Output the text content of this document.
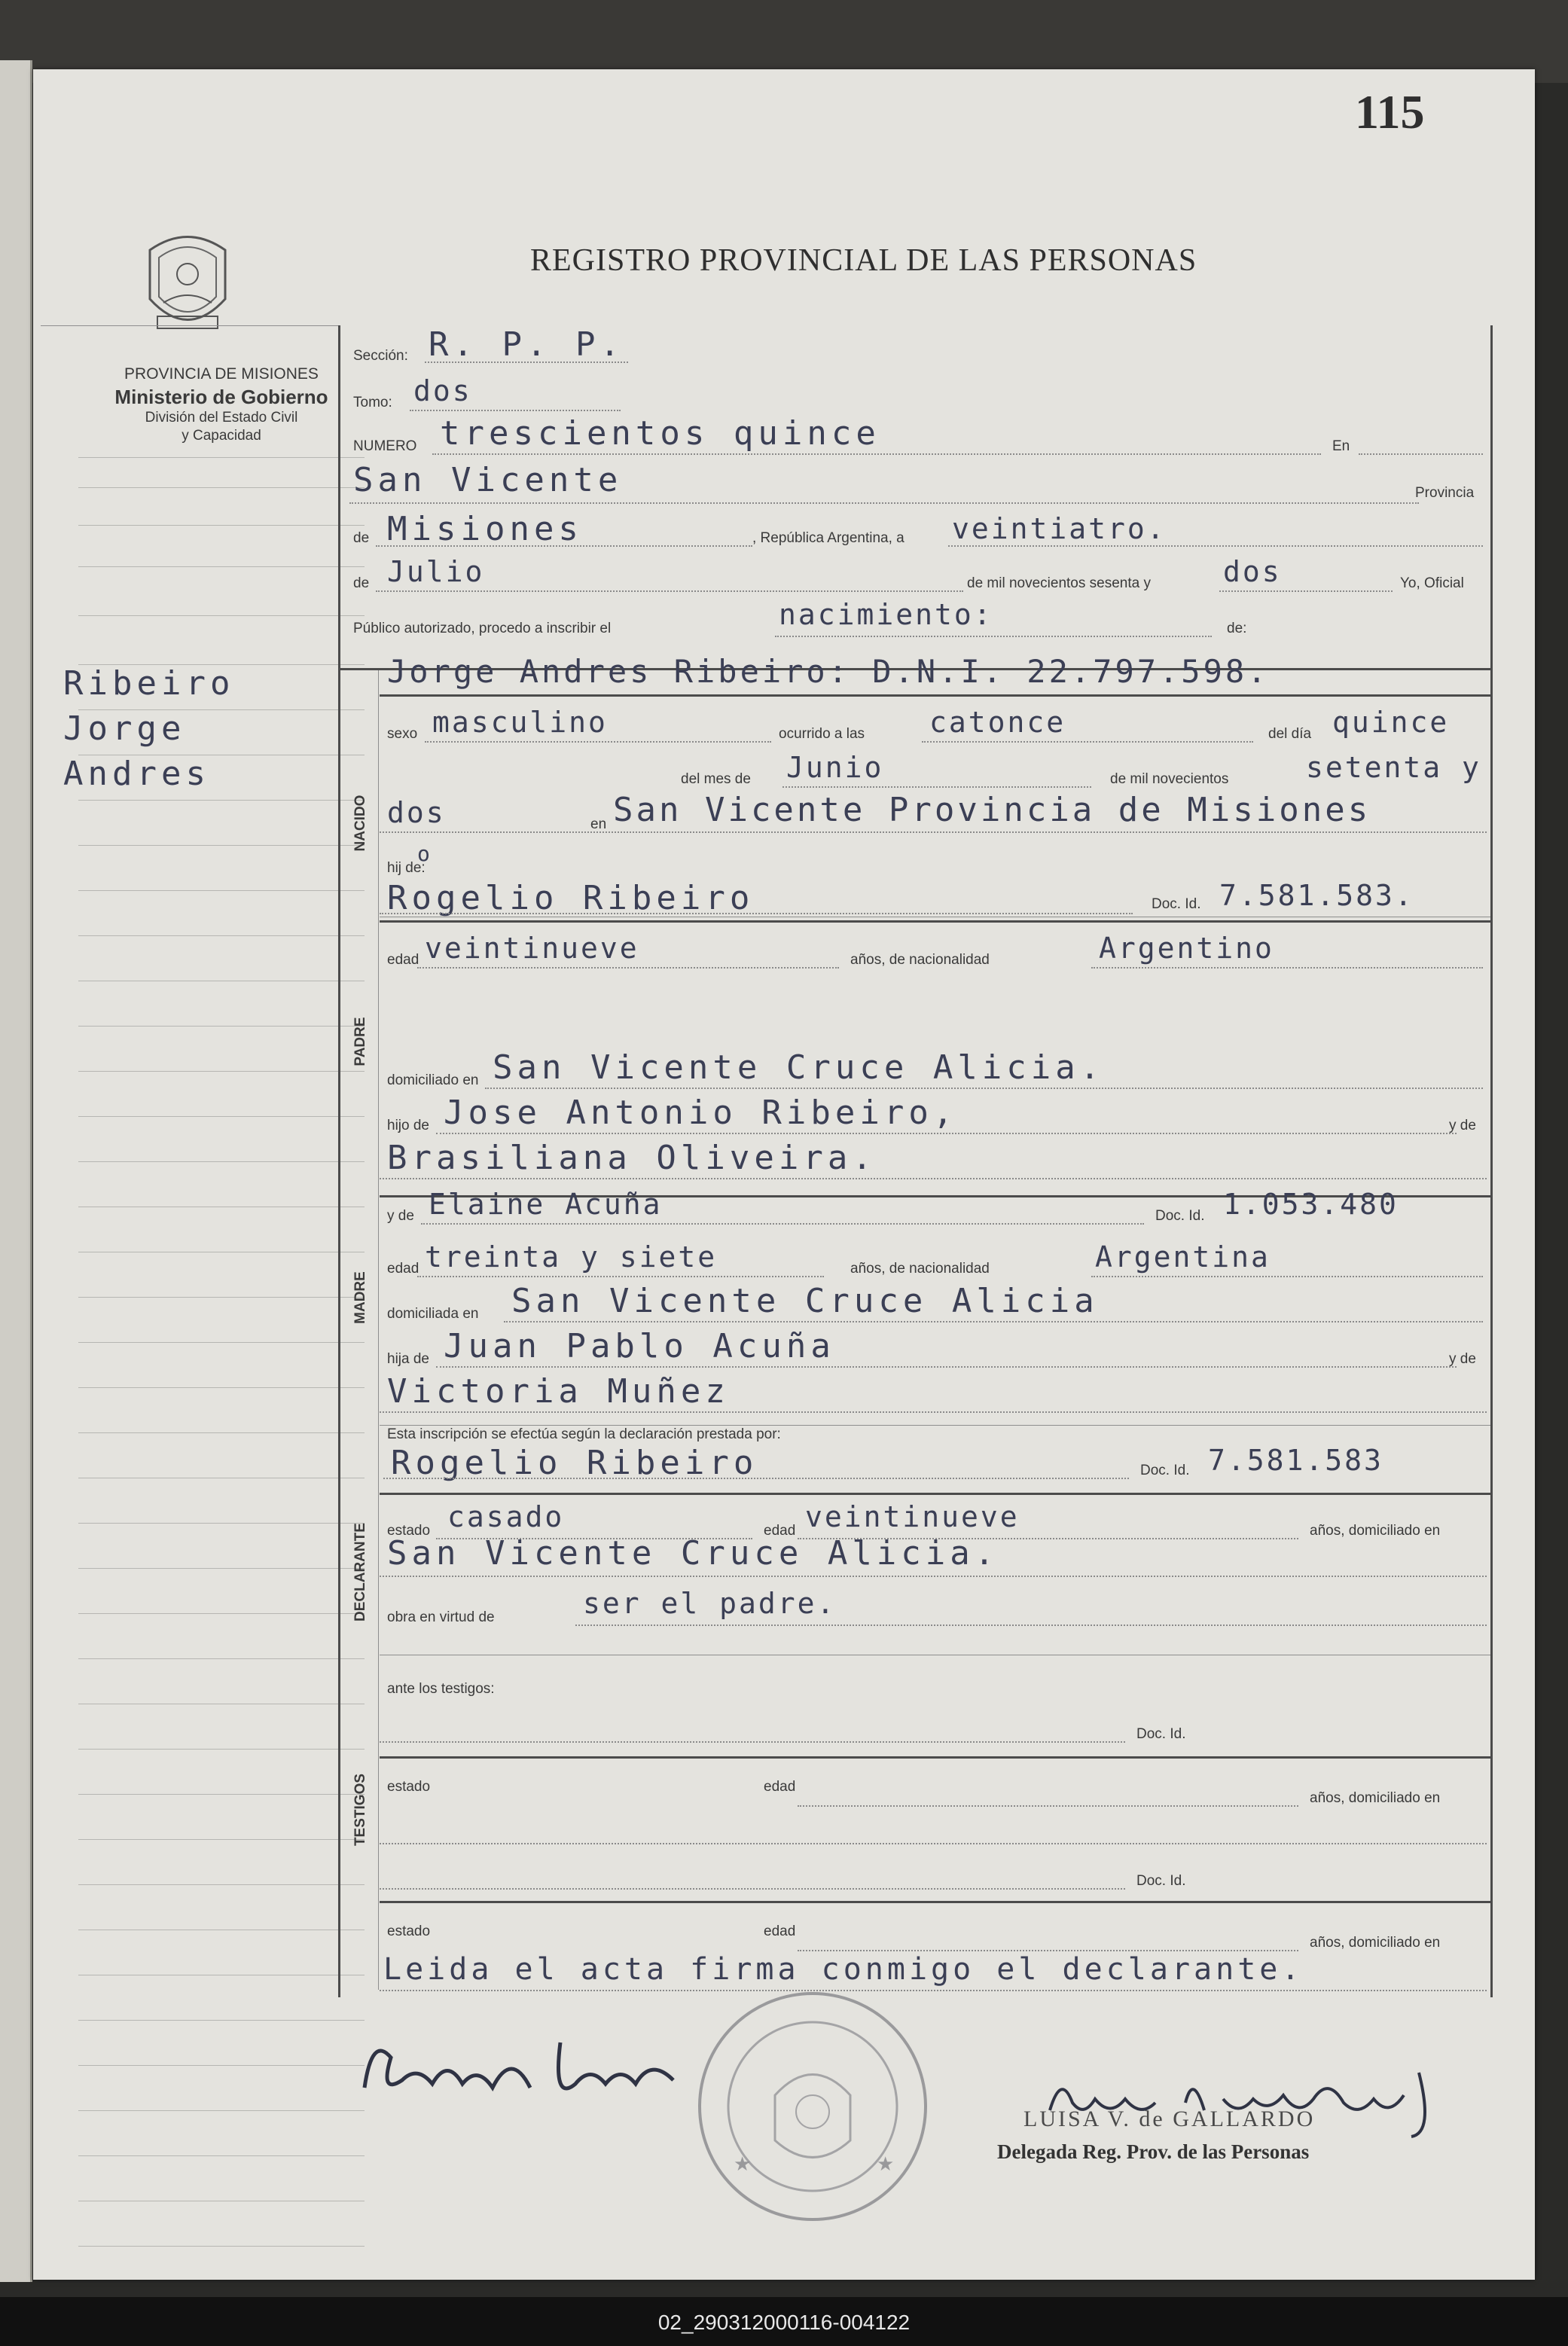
115
PROVINCIA DE MISIONES
Ministerio de Gobierno
División del Estado Civil
y Capacidad
REGISTRO PROVINCIAL DE LAS PERSONAS
Ribeiro
Jorge
Andres
Sección: R. P. P.
Tomo: dos
NUMERO trescientos quince	En
San Vicente	Provincia
de Misiones	, República Argentina, a veintiatro.
de Julio	de mil novecientos sesenta y	dos	Yo, Oficial
Público autorizado, procedo a inscribir el	nacimiento:	de:
NACIDO
Jorge Andres Ribeiro: D.N.I. 22.797.598.
sexo masculino	ocurrido a las catonce	del día quince
del mes de Junio	de mil novecientos	setenta y
dos	en San Vicente Provincia de Misiones
PADRE
hij de:
o
Rogelio Ribeiro	Doc. Id. 7.581.583.
edad veintinueve	años, de nacionalidad	Argentino
domiciliado en San Vicente Cruce Alicia.
hijo de Jose Antonio Ribeiro,	y de
Brasiliana Oliveira.
MADRE
y de Elaine Acuña	Doc. Id. 1.053.480
edad treinta y siete	años, de nacionalidad	Argentina
domiciliada en San Vicente Cruce Alicia
hija de Juan Pablo Acuña	y de
Victoria Muñez
DECLARANTE
Esta inscripción se efectúa según la declaración prestada por:
Rogelio Ribeiro	Doc. Id. 7.581.583
estado casado	edad veintinueve	años, domiciliado en
San Vicente Cruce Alicia.
obra en virtud de	ser el padre.
TESTIGOS
ante los testigos:
Doc. Id.
estado	edad
años, domiciliado en
Doc. Id.
estado	edad
años, domiciliado en
Leida el acta firma conmigo el declarante.
★	★
LUISA V. de GALLARDO
Delegada Reg. Prov. de las Personas
02_290312000116-004122
